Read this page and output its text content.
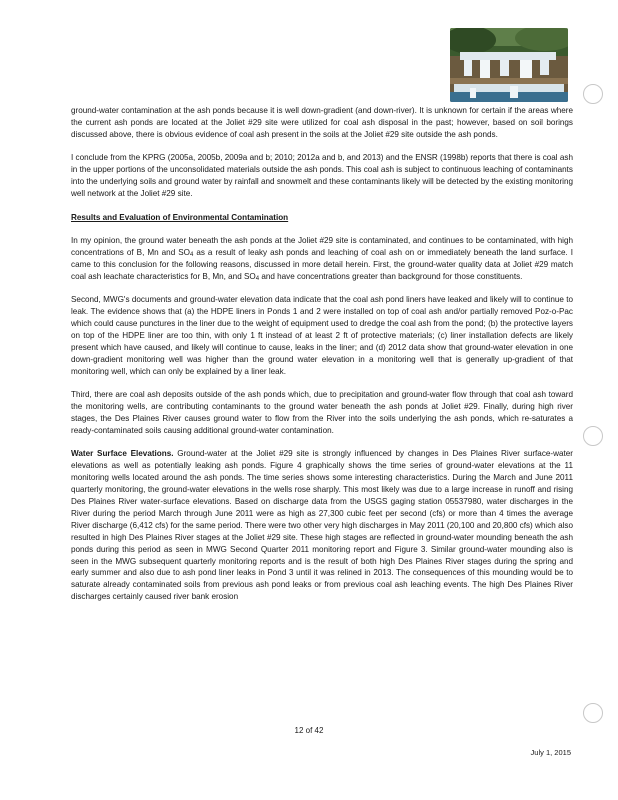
ground-water contamination at the ash ponds because it is well down-gradient (and down-river). It is unknown for certain if the areas where the current ash ponds are located at the Joliet #29 site were utilized for coal ash disposal in the past; however, based on soil borings discussed above, there is obvious evidence of coal ash present in the soils at the Joliet #29 site outside the ash ponds.

I conclude from the KPRG (2005a, 2005b, 2009a and b; 2010; 2012a and b, and 2013) and the ENSR (1998b) reports that there is coal ash in the upper portions of the unconsolidated materials outside the ash ponds. This coal ash is subject to continuous leaching of contaminants into the underlying soils and ground water by rainfall and snowmelt and these contaminants likely will be detected by the existing monitoring well network at the Joliet #29 site.

Results and Evaluation of Environmental Contamination

In my opinion, the ground water beneath the ash ponds at the Joliet #29 site is contaminated, and continues to be contaminated, with high concentrations of B, Mn and $SO_4$ as a result of leaky ash ponds and leaching of coal ash on or immediately beneath the land surface. I came to this conclusion for the following reasons, discussed in more detail herein. First, the ground-water quality data at Joliet #29 match coal ash leachate characteristics for B, Mn, and $SO_4$ and have concentrations greater than background for those constituents.

Second, MWG's documents and ground-water elevation data indicate that the coal ash pond liners have leaked and likely will to continue to leak. The evidence shows that (a) the HDPE liners in Ponds 1 and 2 were installed on top of coal ash and/or partially removed Poz-o-Pac which could cause punctures in the liner due to the weight of equipment used to dredge the coal ash from the pond; (b) the protective layers on top of the HDPE liner are too thin, with only 1 ft instead of at least 2 ft of protective materials; (c) liner installation defects are likely present which have caused, and likely will continue to cause, leaks in the liner; and (d) 2012 data show that ground-water elevation in one down-gradient monitoring well was higher than the ground water elevation in a monitoring well that is generally up-gradient of that monitoring well, which can only be explained by a liner leak.

Third, there are coal ash deposits outside of the ash ponds which, due to precipitation and ground-water flow through that coal ash toward the monitoring wells, are contributing contaminants to the ground water beneath the ash ponds at Joliet #29. Finally, during high river stages, the Des Plaines River causes ground water to flow from the River into the soils underlying the ash ponds, which re-saturates a ready-contaminated soils causing additional ground-water contamination.

Water Surface Elevations. Ground-water at the Joliet #29 site is strongly influenced by changes in Des Plaines River surface-water elevations as well as potentially leaking ash ponds. Figure 4 graphically shows the time series of ground-water elevations at the 11 monitoring wells located around the ash ponds. The time series shows some interesting characteristics. During the March and June 2011 quarterly monitoring, the ground-water elevations in the wells rose sharply. This most likely was due to a large increase in runoff and rising Des Plaines River water-surface elevations. Based on discharge data from the USGS gaging station 05537980, water discharges in the River during the period March through June 2011 were as high as 27,300 cubic feet per second (cfs) or more than 4 times the average River discharge (6,412 cfs) for the same period. There were two other very high discharges in May 2011 (20,100 and 20,800 cfs) which also resulted in high Des Plaines River stages at the Joliet #29 site. These high stages are reflected in ground-water mounding beneath the ash ponds during this period as seen in MWG Second Quarter 2011 monitoring report and Figure 3. Similar ground-water mounding also is seen in the MWG subsequent quarterly monitoring reports and is the result of both high Des Plaines River stages during the spring and early summer and also due to ash pond liner leaks in Pond 3 until it was relined in 2013. The consequences of this mounding would be to saturate already contaminated soils from previous ash pond leaks or from previous coal ash leaching events. The high Des Plaines River discharges certainly caused river bank erosion

12 of 42
July 1, 2015
